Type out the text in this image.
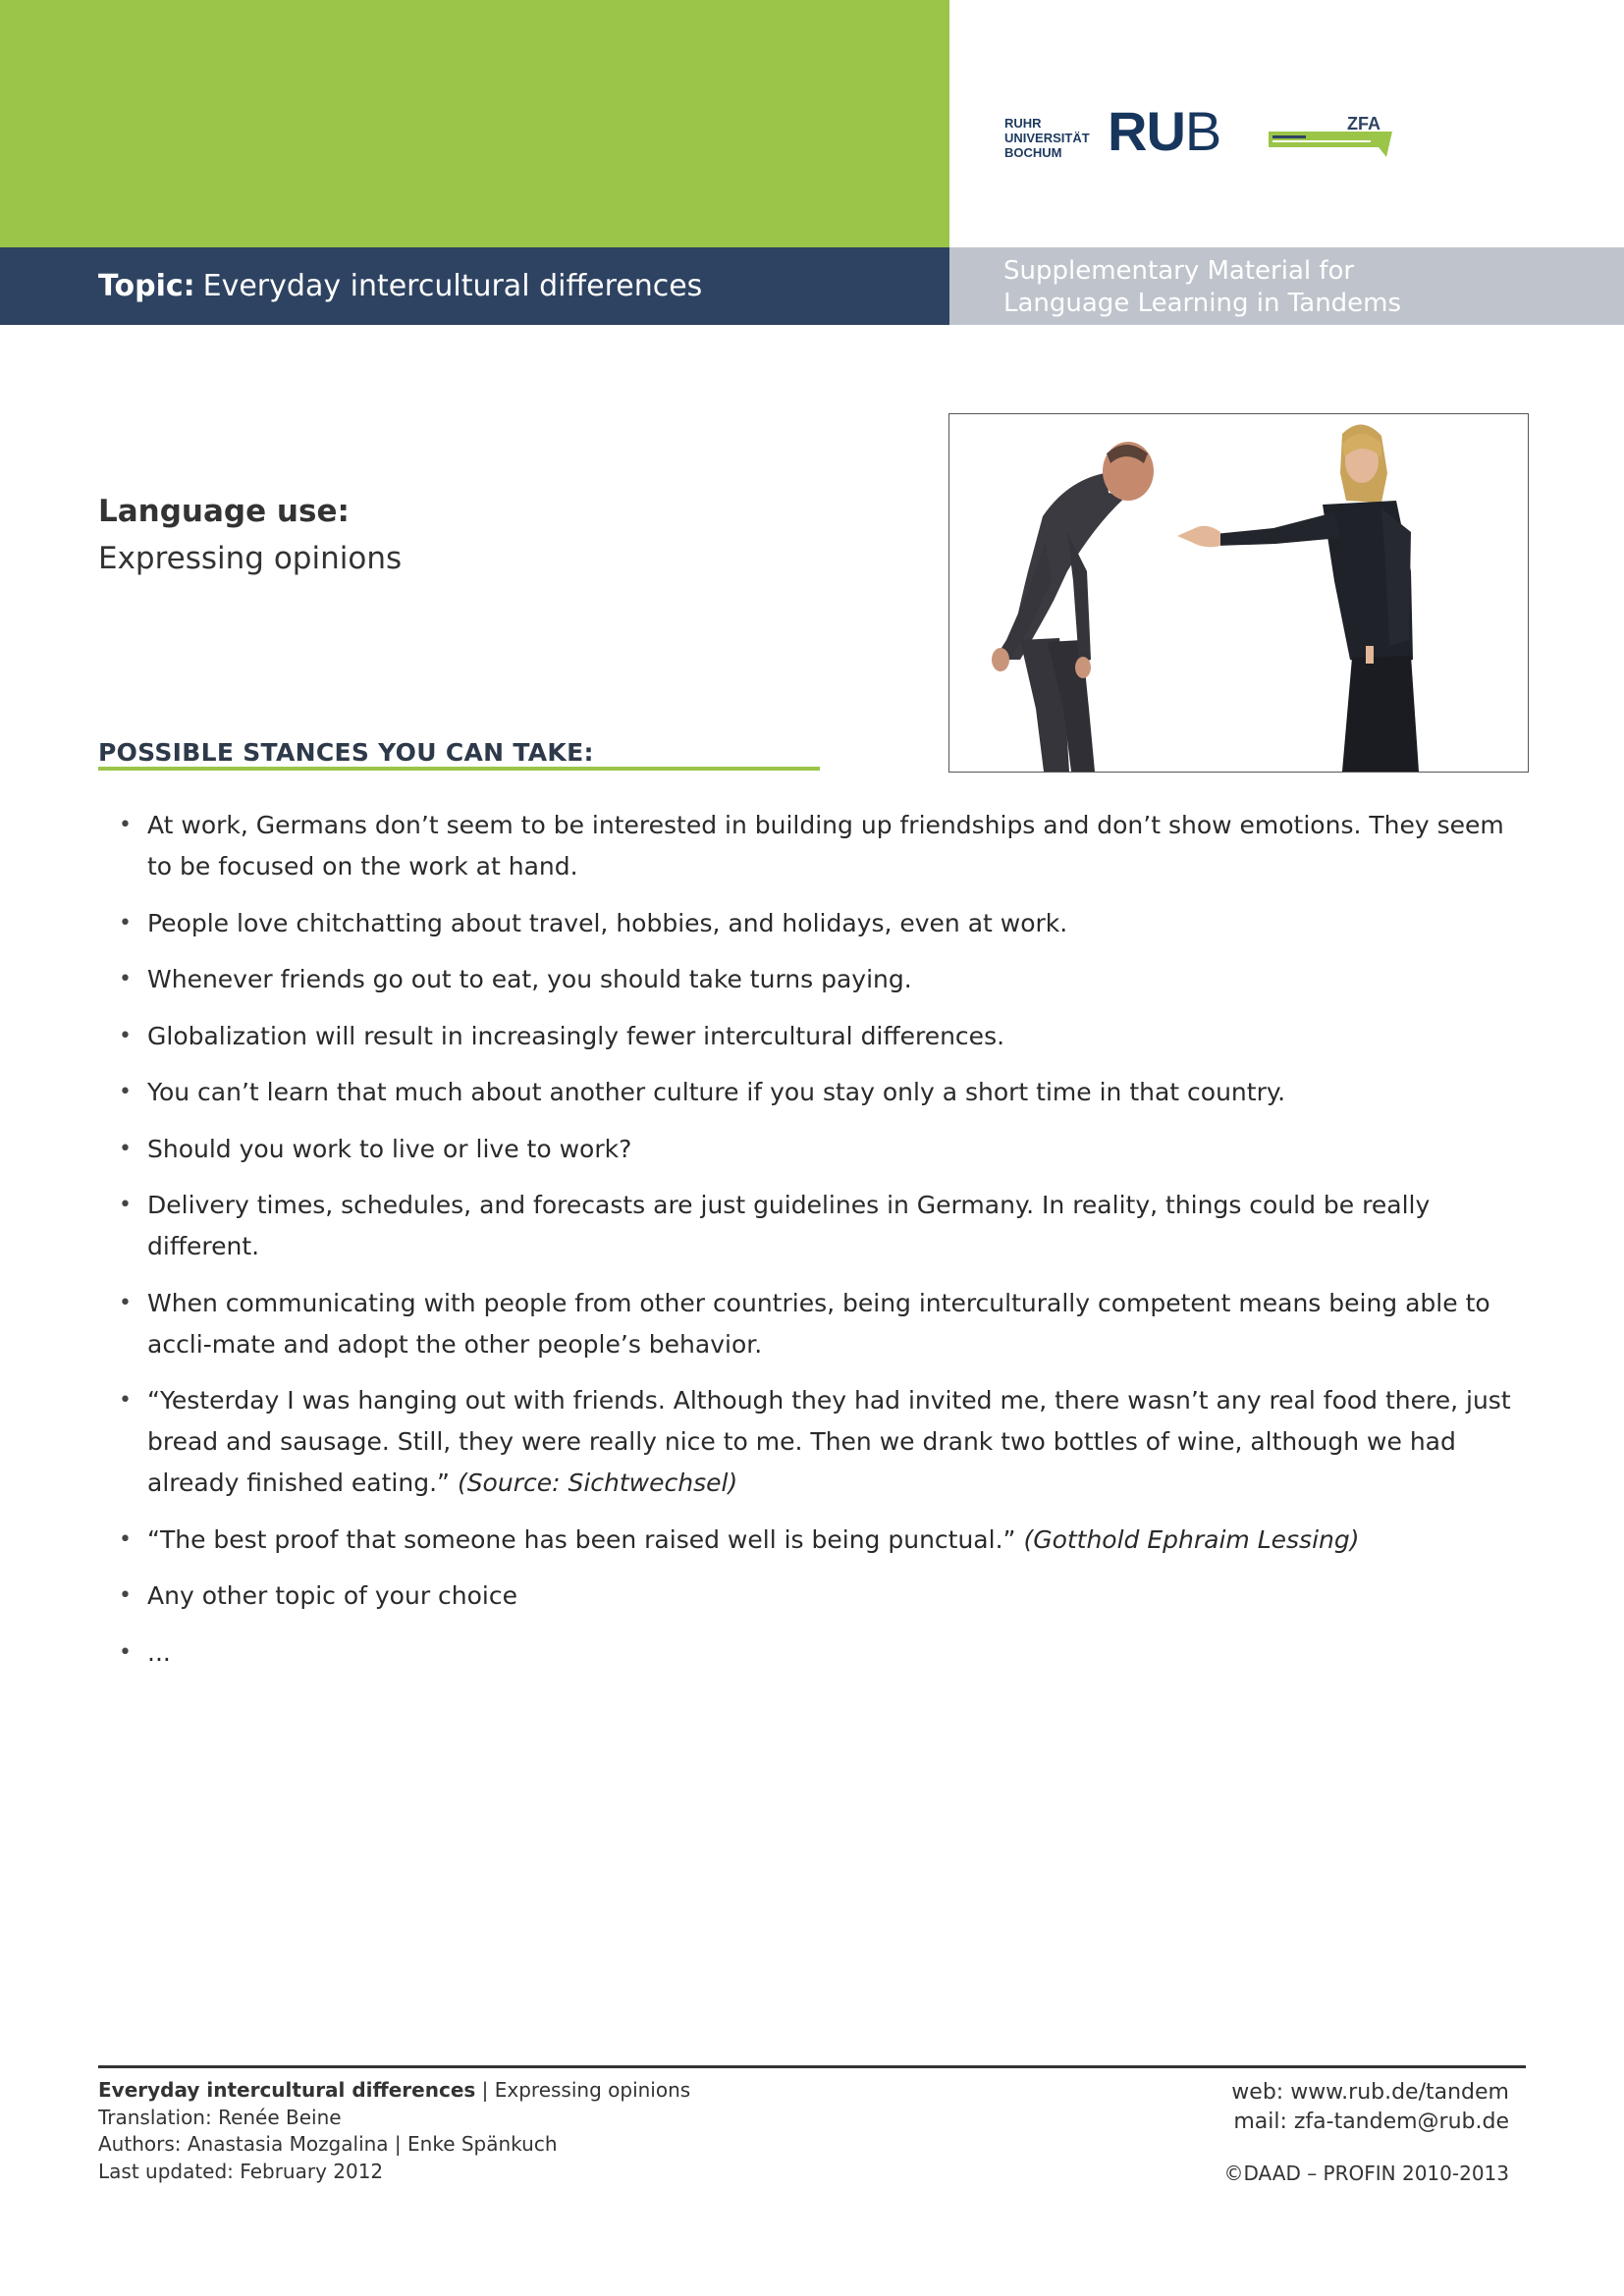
RUHR
UNIVERSITÄT
BOCHUM RUB	ZFA
Topic: Everyday intercultural differences	Supplementary Material for
Language Learning in Tandems
Language use:
Expressing opinions
POSSIBLE STANCES YOU CAN TAKE:
• At work, Germans don’t seem to be interested in building up friendships and don’t show emotions. They seem to be focused on the work at hand.
• People love chitchatting about travel, hobbies, and holidays, even at work.
• Whenever friends go out to eat, you should take turns paying.
• Globalization will result in increasingly fewer intercultural differences.
• You can’t learn that much about another culture if you stay only a short time in that country.
• Should you work to live or live to work?
• Delivery times, schedules, and forecasts are just guidelines in Germany. In reality, things could be really different.
• When communicating with people from other countries, being interculturally competent means being able to accli-mate and adopt the other people’s behavior.
• “Yesterday I was hanging out with friends. Although they had invited me, there wasn’t any real food there, just bread and sausage. Still, they were really nice to me. Then we drank two bottles of wine, although we had already finished eating.” (Source: Sichtwechsel)
• “The best proof that someone has been raised well is being punctual.” (Gotthold Ephraim Lessing)
• Any other topic of your choice
• ...
Everyday intercultural differences | Expressing opinions
Translation: Renée Beine
Authors: Anastasia Mozgalina | Enke Spänkuch
Last updated: February 2012
web: www.rub.de/tandem
mail: zfa-tandem@rub.de
©DAAD – PROFIN 2010-2013
